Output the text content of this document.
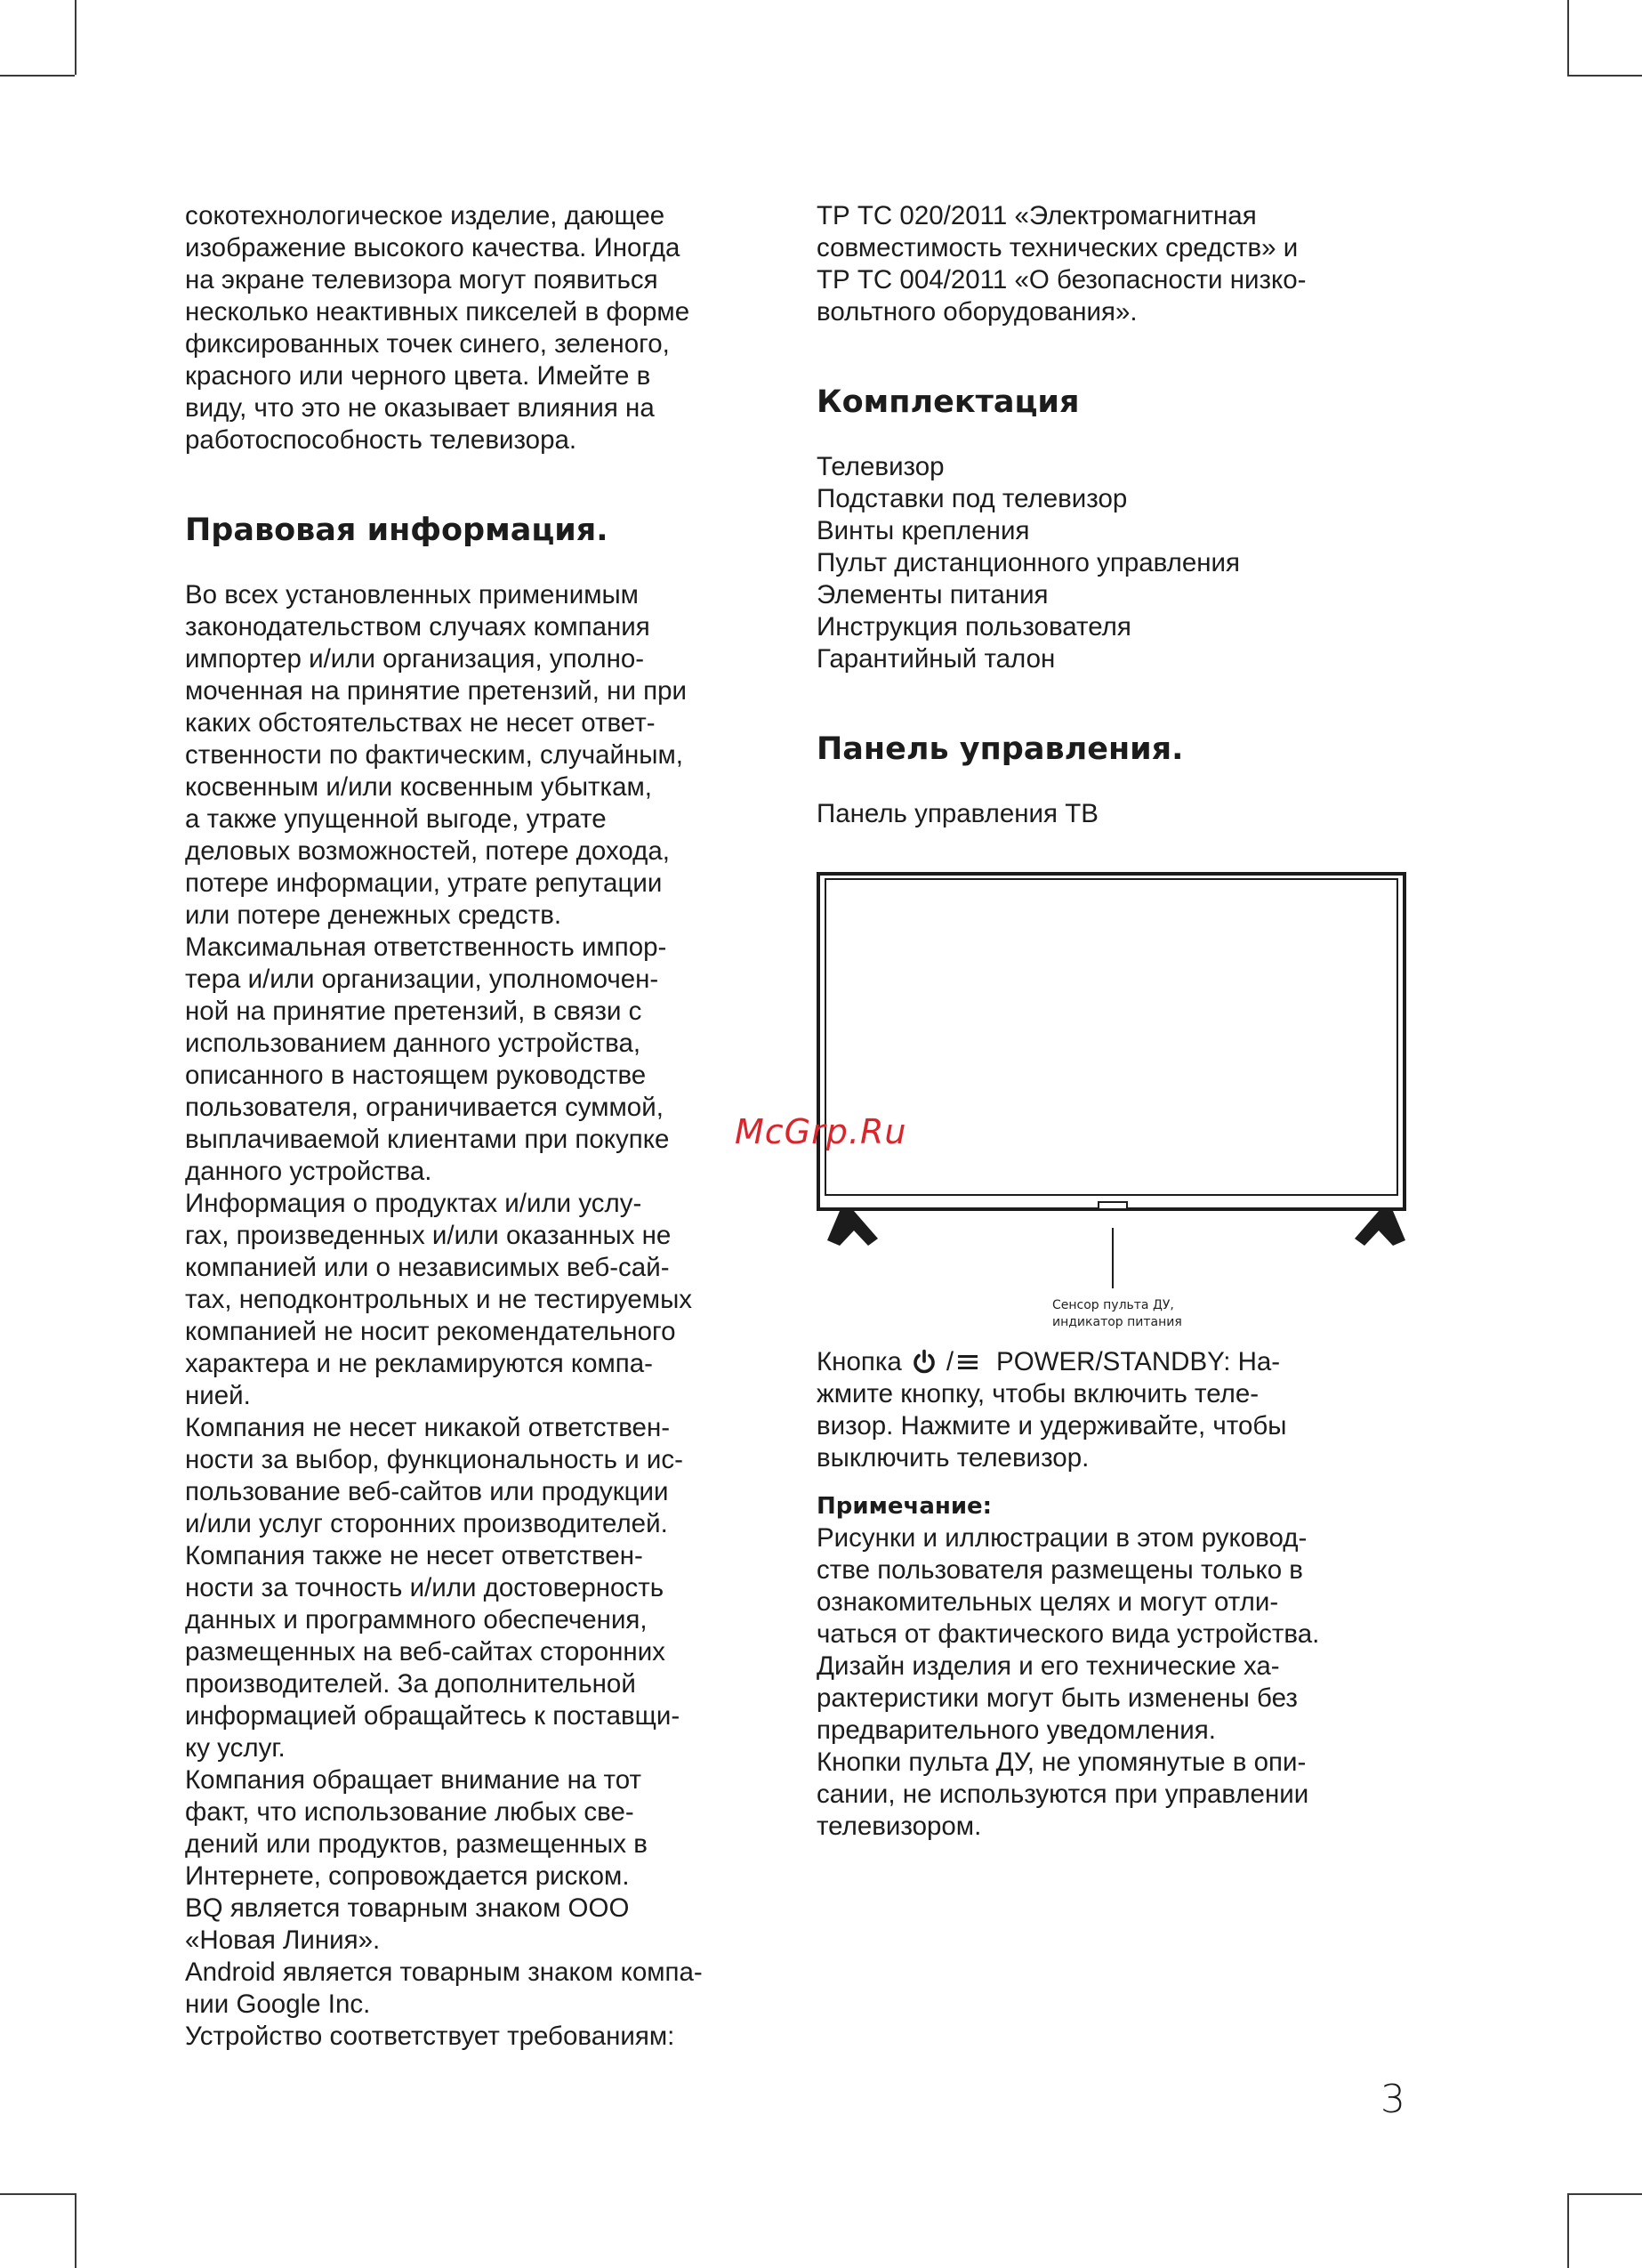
сокотехнологическое изделие, дающее
изображение высокого качества. Иногда
на экране телевизора могут появиться
несколько неактивных пикселей в форме
фиксированных точек синего, зеленого,
красного или черного цвета. Имейте в
виду, что это не оказывает влияния на
работоспособность телевизора.
Правовая информация.
Во всех установленных применимым
законодательством случаях компания
импортер и/или организация, уполно-
моченная на принятие претензий, ни при
каких обстоятельствах не несет ответ-
ственности по фактическим, случайным,
косвенным и/или косвенным убыткам,
а также упущенной выгоде, утрате
деловых возможностей, потере дохода,
потере информации, утрате репутации
или потере денежных средств.
Максимальная ответственность импор-
тера и/или организации, уполномочен-
ной на принятие претензий, в связи с
использованием данного устройства,
описанного в настоящем руководстве
пользователя, ограничивается суммой,
выплачиваемой клиентами при покупке
данного устройства.
Информация о продуктах и/или услу-
гах, произведенных и/или оказанных не
компанией или о независимых веб-сай-
тах, неподконтрольных и не тестируемых
компанией не носит рекомендательного
характера и не рекламируются компа-
нией.
Компания не несет никакой ответствен-
ности за выбор, функциональность и ис-
пользование веб-сайтов или продукции
и/или услуг сторонних производителей.
Компания также не несет ответствен-
ности за точность и/или достоверность
данных и программного обеспечения,
размещенных на веб-сайтах сторонних
производителей. За дополнительной
информацией обращайтесь к поставщи-
ку услуг.
Компания обращает внимание на тот
факт, что использование любых све-
дений или продуктов, размещенных в
Интернете, сопровождается риском.
BQ является товарным знаком ООО
«Новая Линия».
Android является товарным знаком компа-
нии Google Inc.
Устройство соответствует требованиям:
ТР ТС 020/2011 «Электромагнитная
совместимость технических средств» и
ТР ТС 004/2011 «О безопасности низко-
вольтного оборудования».
Комплектация
Телевизор
Подставки под телевизор
Винты крепления
Пульт дистанционного управления
Элементы питания
Инструкция пользователя
Гарантийный талон
Панель управления.
Панель управления ТВ
Кнопка / POWER/STANDBY: На-
жмите кнопку, чтобы включить теле-
визор. Нажмите и удерживайте, чтобы
выключить телевизор.
Примечание:
Рисунки и иллюстрации в этом руковод-
стве пользователя размещены только в
ознакомительных целях и могут отли-
чаться от фактического вида устройства.
Дизайн изделия и его технические ха-
рактеристики могут быть изменены без
предварительного уведомления.
Кнопки пульта ДУ, не упомянутые в опи-
сании, не используются при управлении
телевизором.
Сенсор пульта ДУ,
индикатор питания
McGrp.Ru
3
